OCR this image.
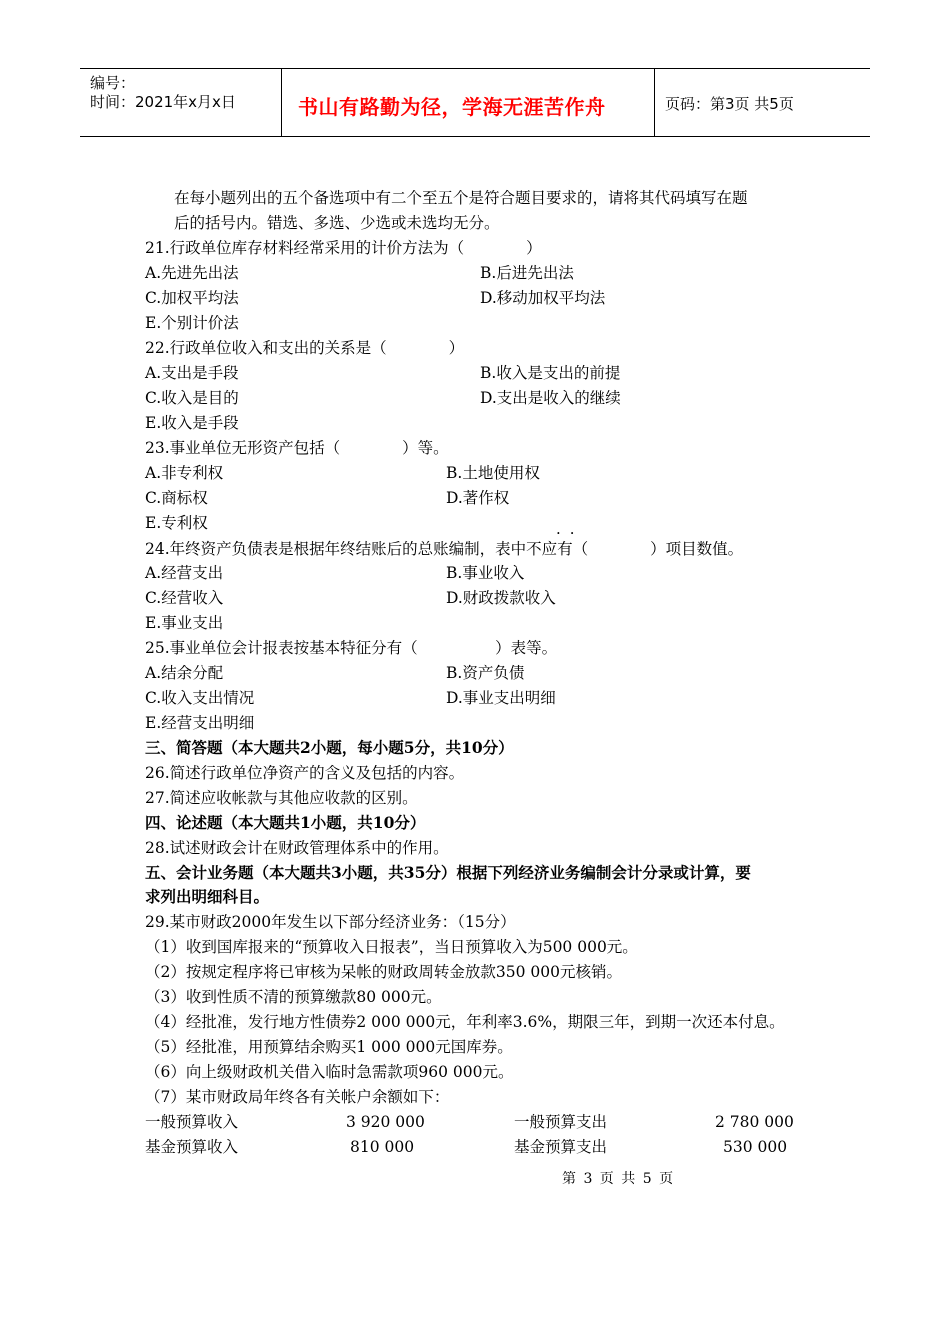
编号：
时间：2021年x月x日	书山有路勤为径，学海无涯苦作舟	页码：第3页 共5页
在每小题列出的五个备选项中有二个至五个是符合题目要求的，请将其代码填写在题
后的括号内。错选、多选、少选或未选均无分。
21.行政单位库存材料经常采用的计价方法为（　　　　）
A.先进先出法	B.后进先出法
C.加权平均法	D.移动加权平均法
E.个别计价法
22.行政单位收入和支出的关系是（　　　　）
A.支出是手段	B.收入是支出的前提
C.收入是目的	D.支出是收入的继续
E.收入是手段
23.事业单位无形资产包括（　　　　）等。
A.非专利权	B.土地使用权
C.商标权	D.著作权
E.专利权
··
24.年终资产负债表是根据年终结账后的总账编制，表中不应有（　　　　）项目数值。
A.经营支出	B.事业收入
C.经营收入	D.财政拨款收入
E.事业支出
25.事业单位会计报表按基本特征分有（　　　　　）表等。
A.结余分配	B.资产负债
C.收入支出情况	D.事业支出明细
E.经营支出明细
三、简答题（本大题共2小题，每小题5分，共10分）
26.简述行政单位净资产的含义及包括的内容。
27.简述应收帐款与其他应收款的区别。
四、论述题（本大题共1小题，共10分）
28.试述财政会计在财政管理体系中的作用。
五、会计业务题（本大题共3小题，共35分）根据下列经济业务编制会计分录或计算，要
求列出明细科目。
29.某市财政2000年发生以下部分经济业务：（15分）
（1）收到国库报来的“预算收入日报表”，当日预算收入为500 000元。
（2）按规定程序将已审核为呆帐的财政周转金放款350 000元核销。
（3）收到性质不清的预算缴款80 000元。
（4）经批准，发行地方性债券2 000 000元，年利率3.6%，期限三年，到期一次还本付息。
（5）经批准，用预算结余购买1 000 000元国库券。
（6）向上级财政机关借入临时急需款项960 000元。
（7）某市财政局年终各有关帐户余额如下：
一般预算收入	3 920 000	一般预算支出	2 780 000
基金预算收入	810 000	基金预算支出	530 000
第 3 页 共 5 页
